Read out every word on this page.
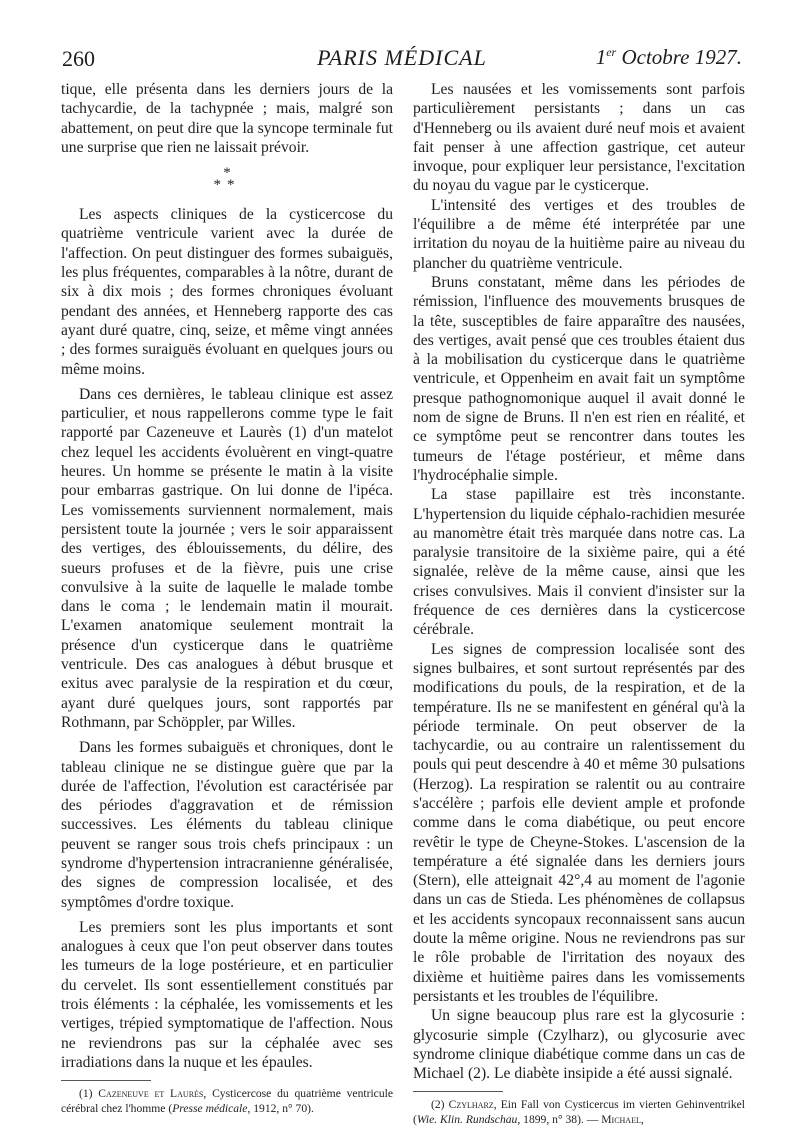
260	PARIS MÉDICAL	1er Octobre 1927.

tique, elle présenta dans les derniers jours de la tachycardie, de la tachypnée ; mais, malgré son abattement, on peut dire que la syncope terminale fut une surprise que rien ne laissait prévoir.

*
**

Les aspects cliniques de la cysticercose du quatrième ventricule varient avec la durée de l'affection. On peut distinguer des formes subaiguës, les plus fréquentes, comparables à la nôtre, durant de six à dix mois ; des formes chroniques évoluant pendant des années, et Henneberg rapporte des cas ayant duré quatre, cinq, seize, et même vingt années ; des formes suraiguës évoluant en quelques jours ou même moins.

Dans ces dernières, le tableau clinique est assez particulier, et nous rappellerons comme type le fait rapporté par Cazeneuve et Laurès (1) d'un matelot chez lequel les accidents évoluèrent en vingt-quatre heures. Un homme se présente le matin à la visite pour embarras gastrique. On lui donne de l'ipéca. Les vomissements surviennent normalement, mais persistent toute la journée ; vers le soir apparaissent des vertiges, des éblouissements, du délire, des sueurs profuses et de la fièvre, puis une crise convulsive à la suite de laquelle le malade tombe dans le coma ; le lendemain matin il mourait. L'examen anatomique seulement montrait la présence d'un cysticerque dans le quatrième ventricule. Des cas analogues à début brusque et exitus avec paralysie de la respiration et du cœur, ayant duré quelques jours, sont rapportés par Rothmann, par Schöppler, par Willes.

Dans les formes subaiguës et chroniques, dont le tableau clinique ne se distingue guère que par la durée de l'affection, l'évolution est caractérisée par des périodes d'aggravation et de rémission successives. Les éléments du tableau clinique peuvent se ranger sous trois chefs principaux : un syndrome d'hypertension intracranienne généralisée, des signes de compression localisée, et des symptômes d'ordre toxique.

Les premiers sont les plus importants et sont analogues à ceux que l'on peut observer dans toutes les tumeurs de la loge postérieure, et en particulier du cervelet. Ils sont essentiellement constitués par trois éléments : la céphalée, les vomissements et les vertiges, trépied symptomatique de l'affection. Nous ne reviendrons pas sur la céphalée avec ses irradiations dans la nuque et les épaules.

(1) Cazeneuve et Laurès, Cysticercose du quatrième ventricule cérébral chez l'homme (Presse médicale, 1912, n° 70).

Les nausées et les vomissements sont parfois particulièrement persistants ; dans un cas d'Henneberg ou ils avaient duré neuf mois et avaient fait penser à une affection gastrique, cet auteur invoque, pour expliquer leur persistance, l'excitation du noyau du vague par le cysticerque.

L'intensité des vertiges et des troubles de l'équilibre a de même été interprétée par une irritation du noyau de la huitième paire au niveau du plancher du quatrième ventricule.

Bruns constatant, même dans les périodes de rémission, l'influence des mouvements brusques de la tête, susceptibles de faire apparaître des nausées, des vertiges, avait pensé que ces troubles étaient dus à la mobilisation du cysticerque dans le quatrième ventricule, et Oppenheim en avait fait un symptôme presque pathognomonique auquel il avait donné le nom de signe de Bruns. Il n'en est rien en réalité, et ce symptôme peut se rencontrer dans toutes les tumeurs de l'étage postérieur, et même dans l'hydrocéphalie simple.

La stase papillaire est très inconstante. L'hypertension du liquide céphalo-rachidien mesurée au manomètre était très marquée dans notre cas. La paralysie transitoire de la sixième paire, qui a été signalée, relève de la même cause, ainsi que les crises convulsives. Mais il convient d'insister sur la fréquence de ces dernières dans la cysticercose cérébrale.

Les signes de compression localisée sont des signes bulbaires, et sont surtout représentés par des modifications du pouls, de la respiration, et de la température. Ils ne se manifestent en général qu'à la période terminale. On peut observer de la tachycardie, ou au contraire un ralentissement du pouls qui peut descendre à 40 et même 30 pulsations (Herzog). La respiration se ralentit ou au contraire s'accélère ; parfois elle devient ample et profonde comme dans le coma diabétique, ou peut encore revêtir le type de Cheyne-Stokes. L'ascension de la température a été signalée dans les derniers jours (Stern), elle atteignait 42°,4 au moment de l'agonie dans un cas de Stieda. Les phénomènes de collapsus et les accidents syncopaux reconnaissent sans aucun doute la même origine. Nous ne reviendrons pas sur le rôle probable de l'irritation des noyaux des dixième et huitième paires dans les vomissements persistants et les troubles de l'équilibre.

Un signe beaucoup plus rare est la glycosurie : glycosurie simple (Czylharz), ou glycosurie avec syndrome clinique diabétique comme dans un cas de Michael (2). Le diabète insipide a été aussi signalé.

(2) Czylharz, Ein Fall von Cysticercus im vierten Gehinventrikel (Wie. Klin. Rundschau, 1899, n° 38). — Michael,
